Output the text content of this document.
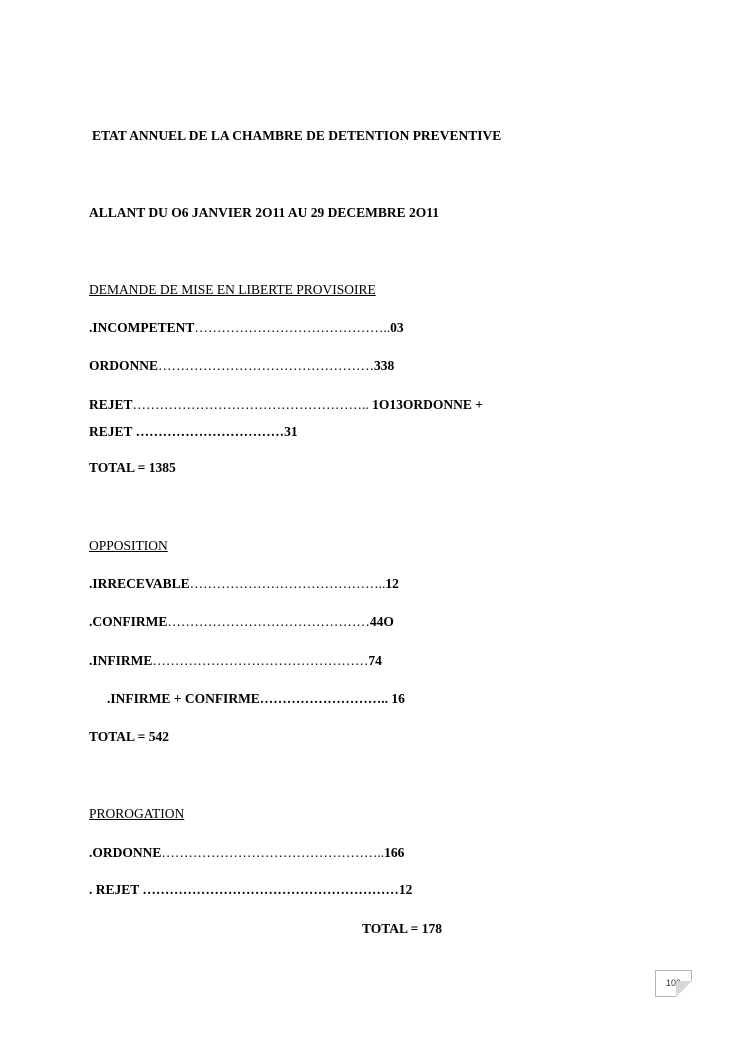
ETAT ANNUEL DE LA CHAMBRE DE DETENTION PREVENTIVE
ALLANT DU O6 JANVIER 2O11 AU 29 DECEMBRE 2O11
DEMANDE DE MISE EN LIBERTE PROVISOIRE
.INCOMPETENT……………………………………..03
ORDONNE…………………………………………338
REJET…………………………………………….. 1O13ORDONNE +
REJET ……………………………31
TOTAL = 1385
OPPOSITION
.IRRECEVABLE……………………………………..12
.CONFIRME………………………………………44O
.INFIRME…………………………………………74
.INFIRME + CONFIRME……………………….. 16
TOTAL = 542
PROROGATION
.ORDONNE…………………………………………..166
. REJET …………………………………………………12
TOTAL = 178
109
